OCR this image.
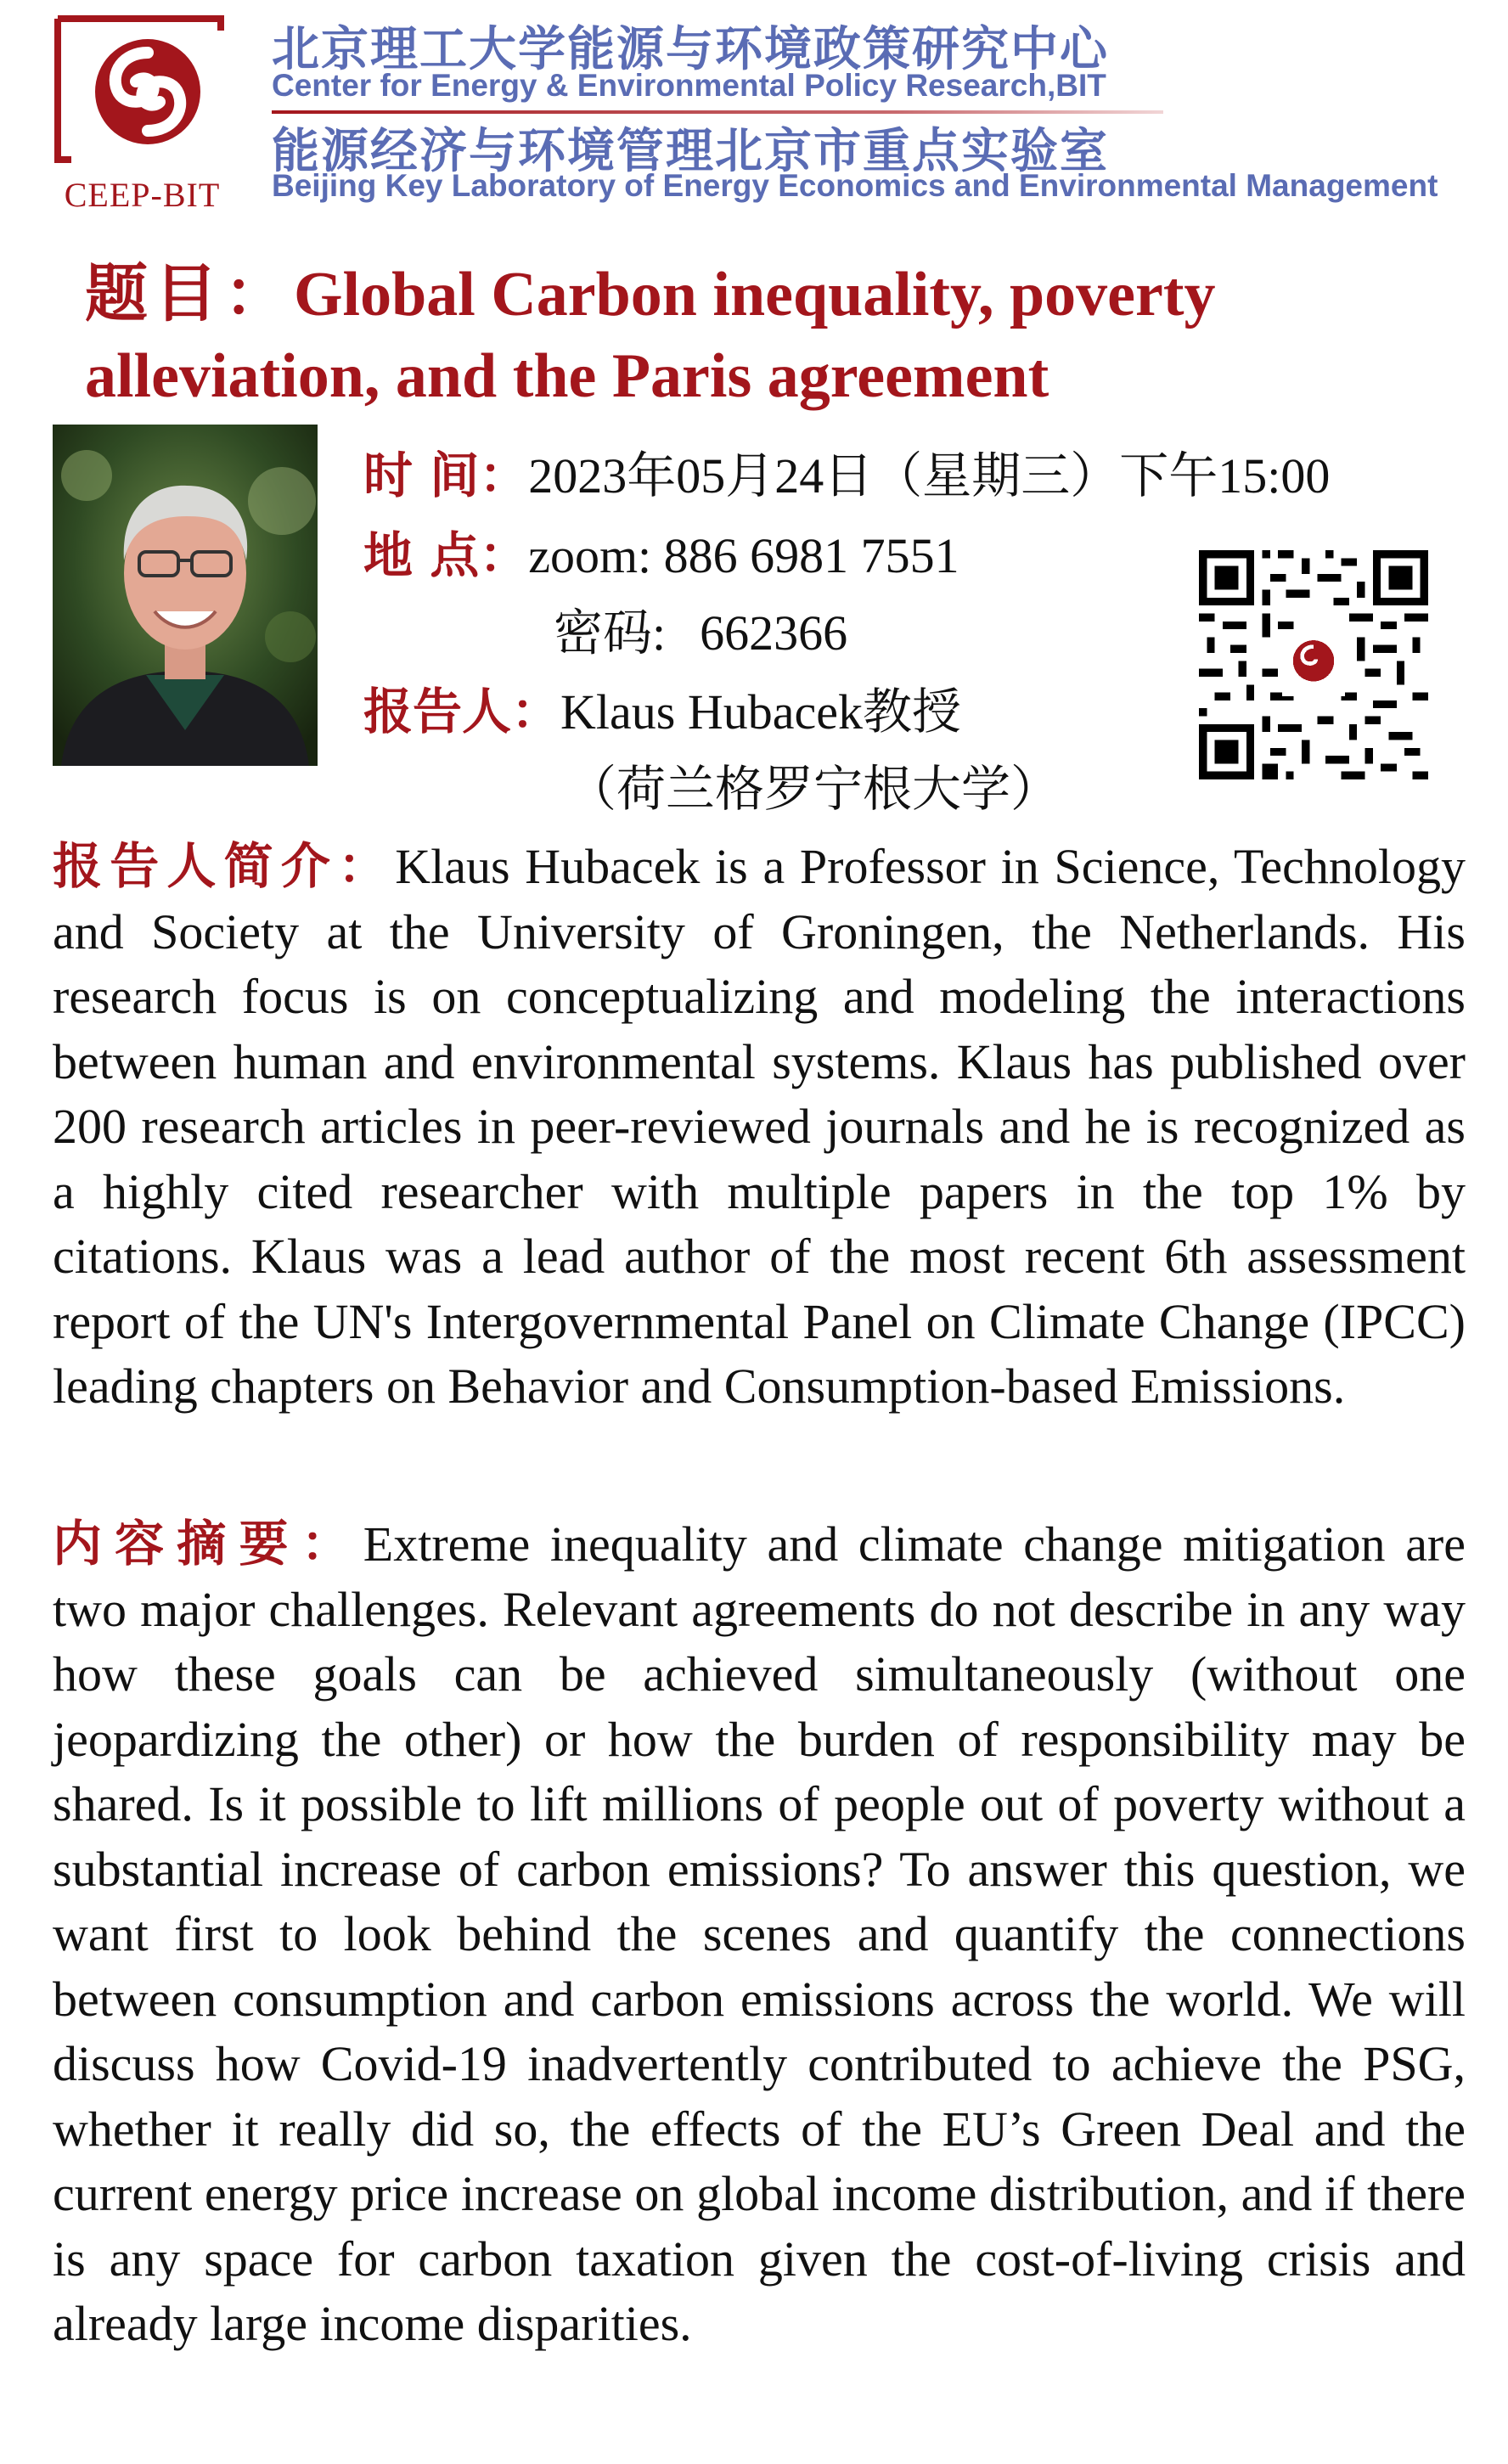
CEEP-BIT
北京理工大学能源与环境政策研究中心
Center for Energy & Environmental Policy Research,BIT
能源经济与环境管理北京市重点实验室
Beijing Key Laboratory of Energy Economics and Environmental Management
题目：Global Carbon inequality, poverty alleviation, and the Paris agreement
时 间：2023年05月24日（星期三）下午15:00
地 点：zoom: 886 6981 7551
密码: 662366
报告人：Klaus Hubacek教授
（荷兰格罗宁根大学）
报告人简介：Klaus Hubacek is a Professor in Science, Technology and Society at the University of Groningen, the Netherlands. His research focus is on conceptualizing and modeling the interactions between human and environmental systems. Klaus has published over 200 research articles in peer-reviewed journals and he is recognized as a highly cited researcher with multiple papers in the top 1% by citations. Klaus was a lead author of the most recent 6th assessment report of the UN's Intergovernmental Panel on Climate Change (IPCC) leading chapters on Behavior and Consumption-based Emissions.
内容摘要：Extreme inequality and climate change mitigation are two major challenges. Relevant agreements do not describe in any way how these goals can be achieved simultaneously (without one jeopardizing the other) or how the burden of responsibility may be shared. Is it possible to lift millions of people out of poverty without a substantial increase of carbon emissions? To answer this question, we want first to look behind the scenes and quantify the connections between consumption and carbon emissions across the world. We will discuss how Covid-19 inadvertently contributed to achieve the PSG, whether it really did so, the effects of the EU’s Green Deal and the current energy price increase on global income distribution, and if there is any space for carbon taxation given the cost-of-living crisis and already large income disparities.
